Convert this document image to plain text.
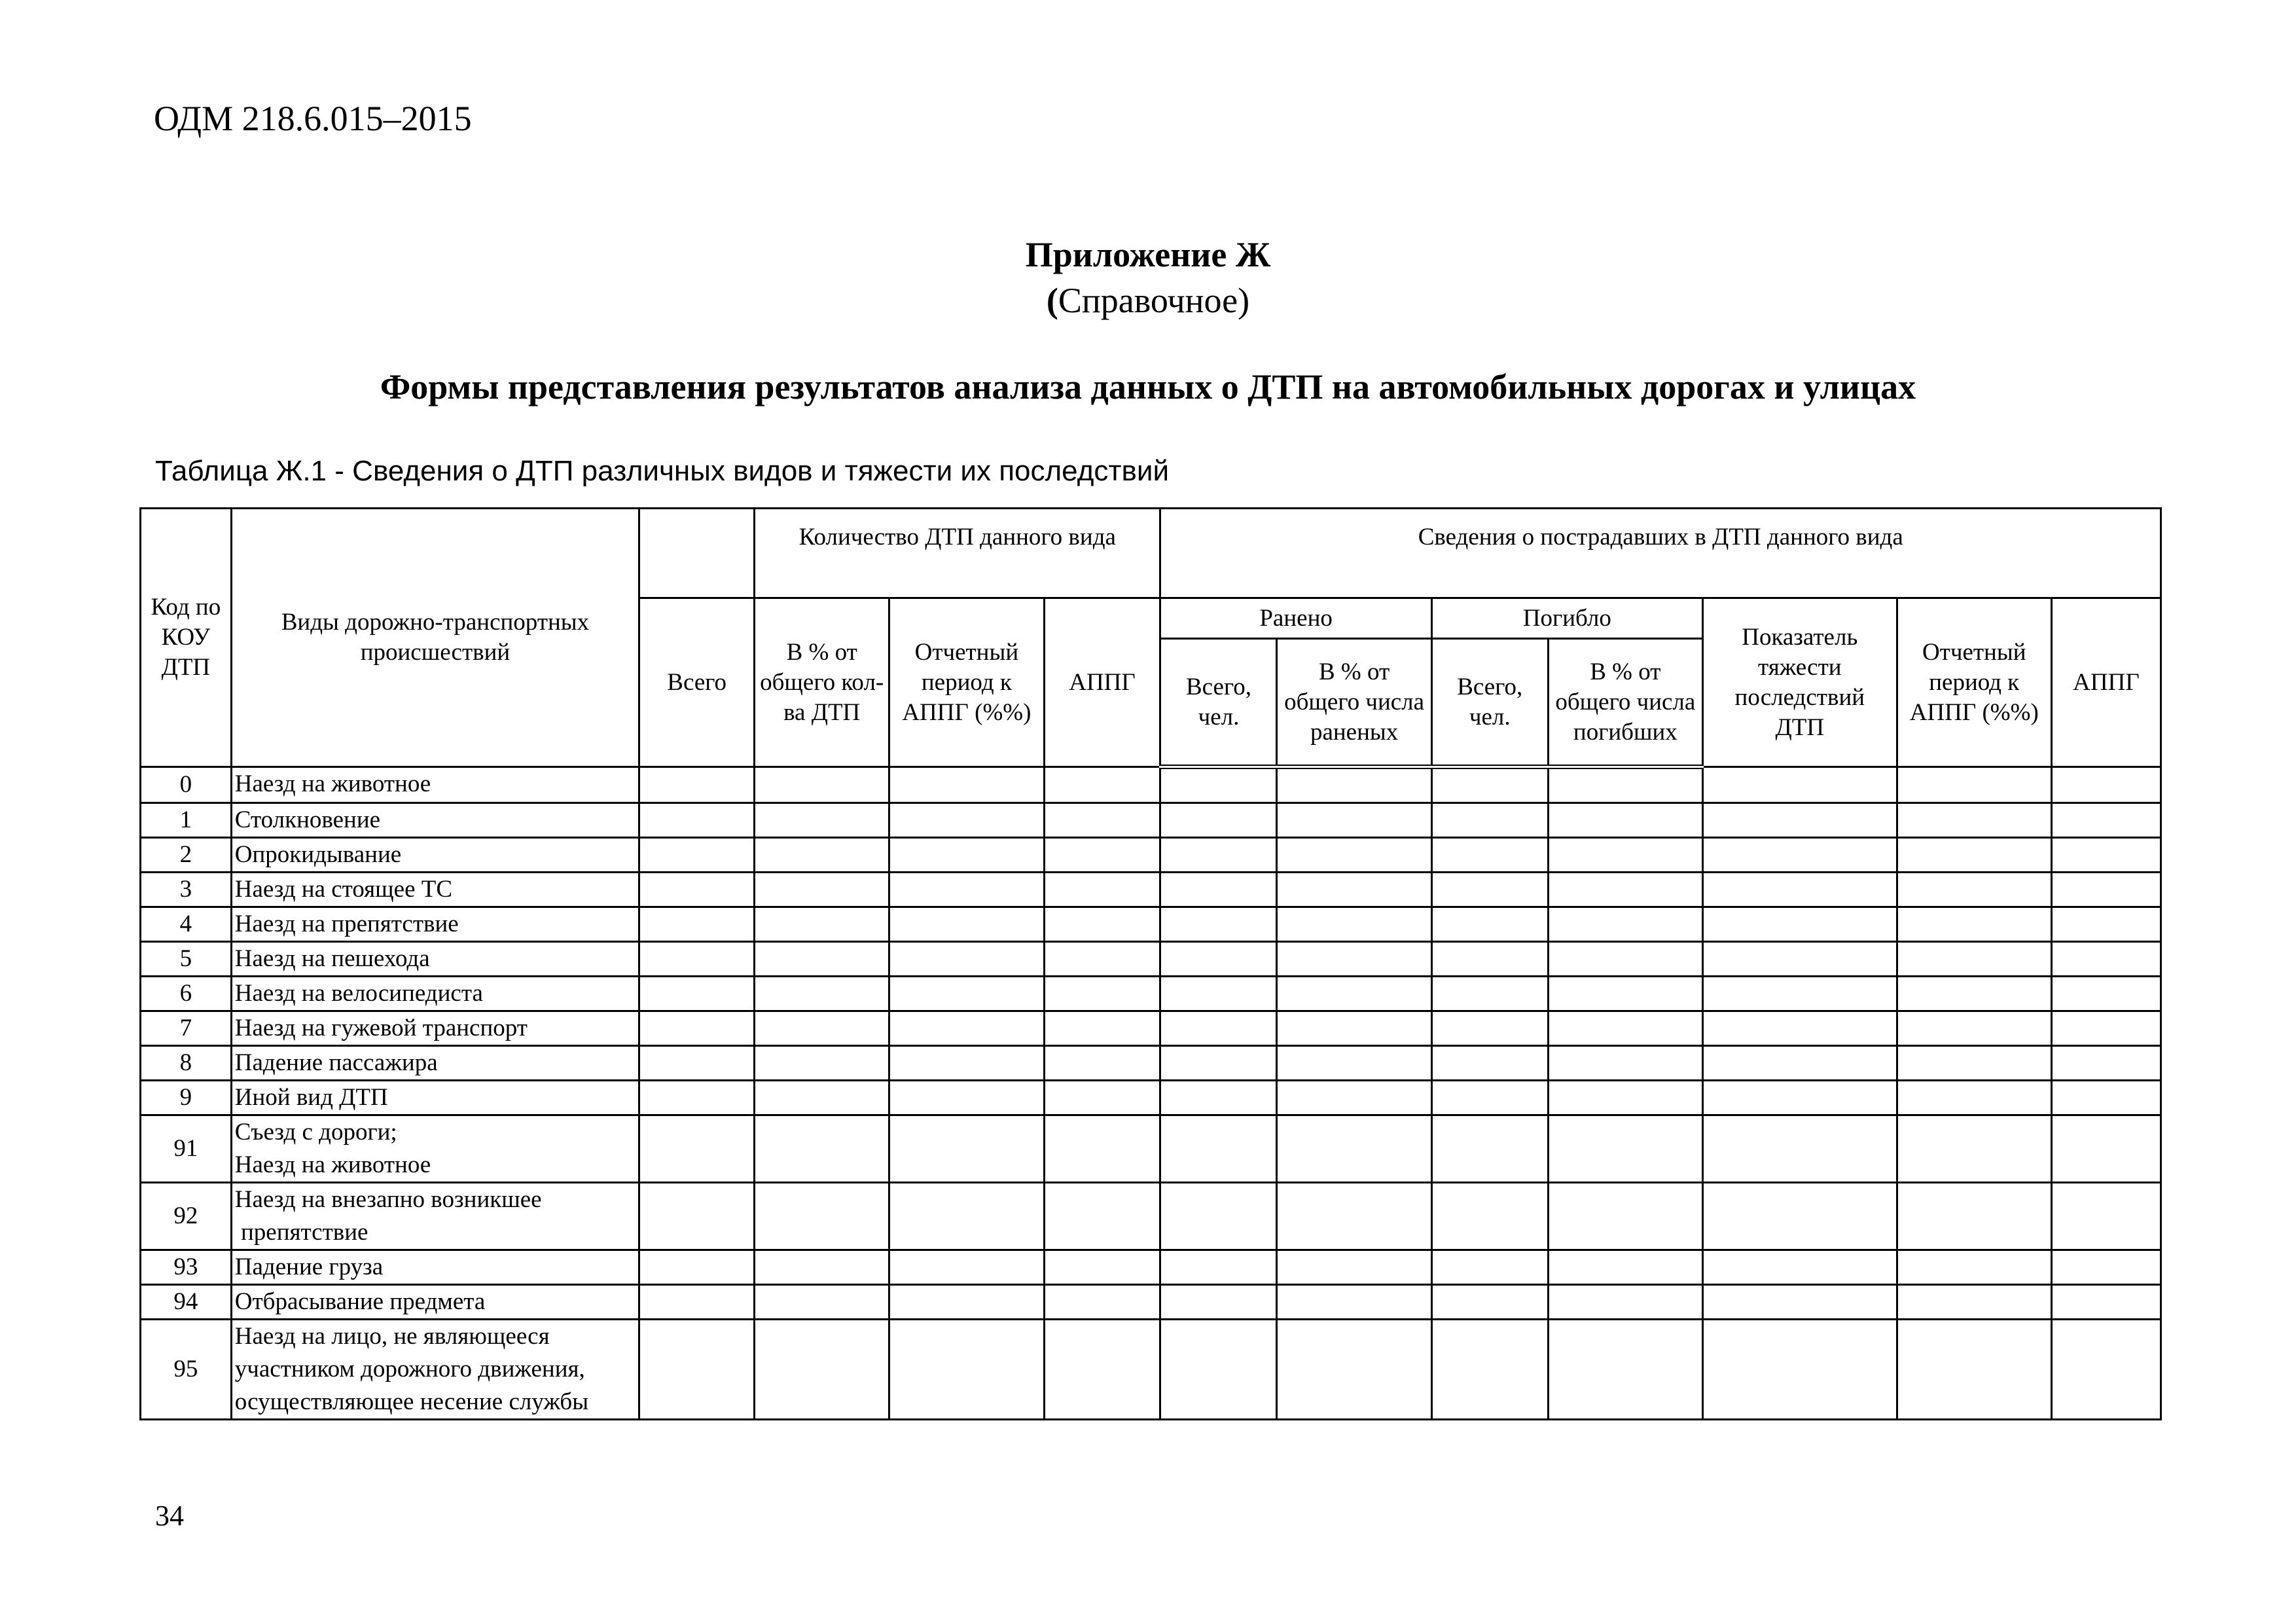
ОДМ 218.6.015–2015
Приложение Ж
(Справочное)
Формы представления результатов анализа данных о ДТП на автомобильных дорогах и улицах
Таблица Ж.1 - Сведения о ДТП различных видов и тяжести их последствий
Код по КОУ ДТП	Виды дорожно-транспортных происшествий		Количество ДТП данного вида			Сведения о пострадавших в ДТП данного вида						
		Всего	В % от общего кол-ва ДТП	Отчетный период к АППГ (%%)	АППГ	Ранено		Погибло		Показатель тяжести последствий ДТП	Отчетный период к АППГ (%%)	АППГ
						Всего, чел.	В % от общего числа раненых	Всего, чел.	В % от общего числа погибших			
0	Наезд на животное											
1	Столкновение											
2	Опрокидывание											
3	Наезд на стоящее ТС											
4	Наезд на препятствие											
5	Наезд на пешехода											
6	Наезд на велосипедиста											
7	Наезд на гужевой транспорт											
8	Падение пассажира											
9	Иной вид ДТП											
91	Съезд с дороги;
Наезд на животное											

92	Наезд на внезапно возникшее
препятствие											

93	Падение груза											
94	Отбрасывание предмета											
95	Наезд на лицо, не являющееся
участником дорожного движения,
осуществляющее несение службы											

34
